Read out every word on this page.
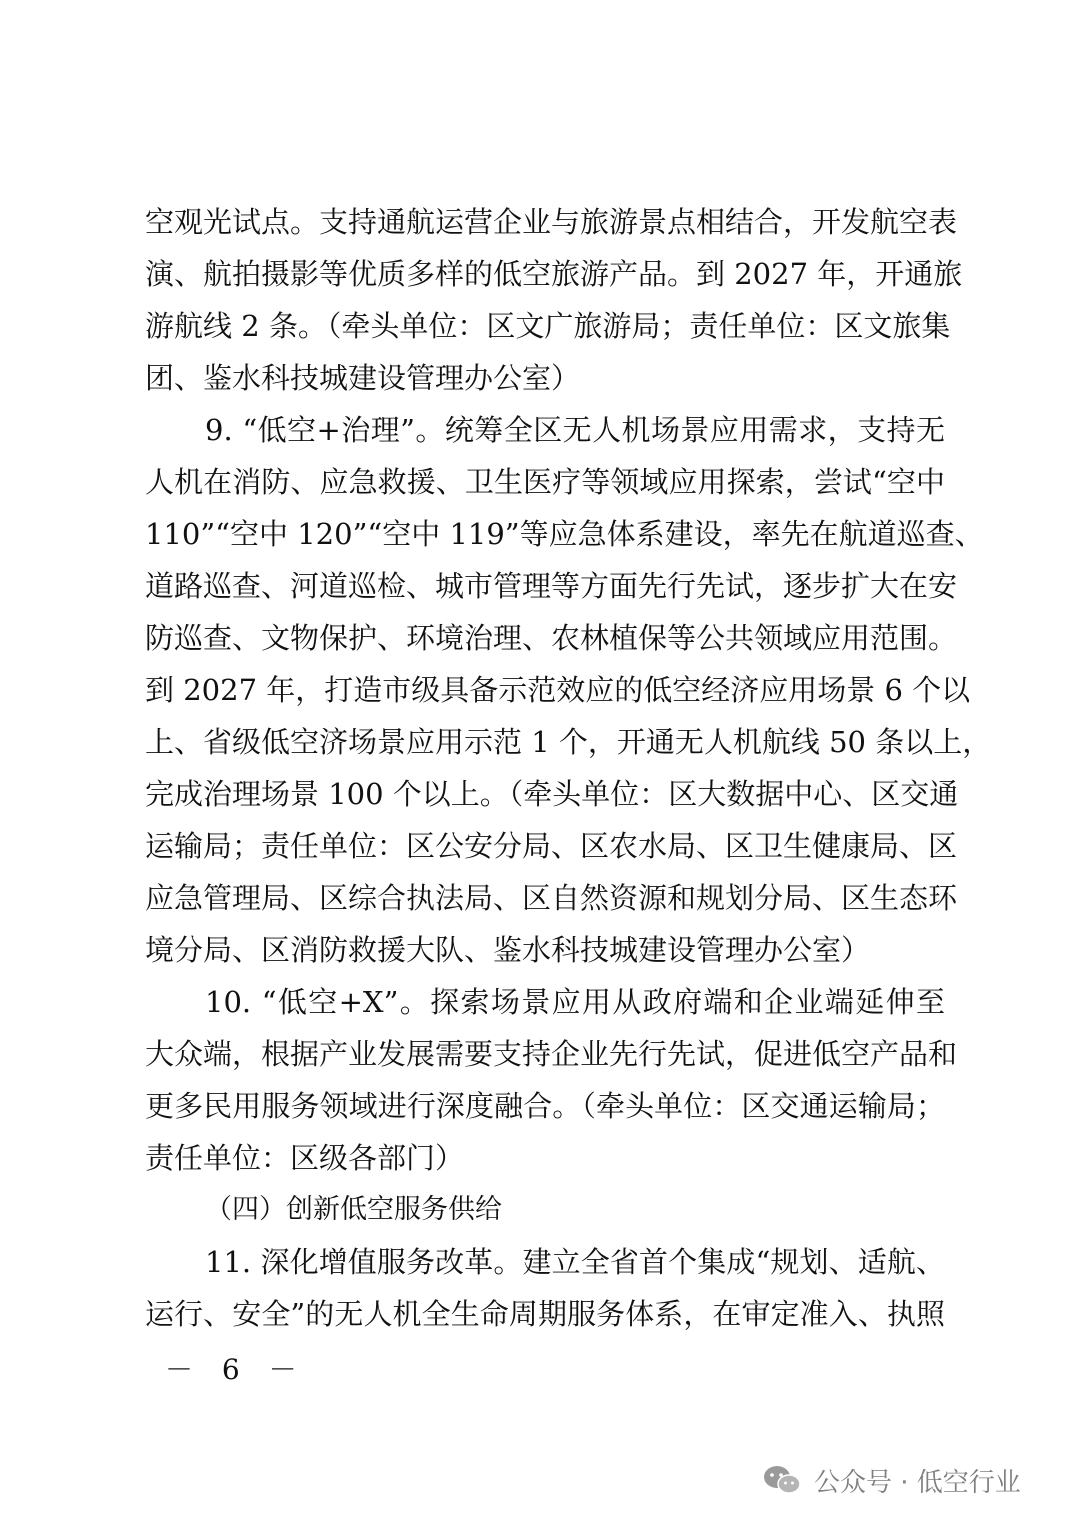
空观光试点。支持通航运营企业与旅游景点相结合，开发航空表
演、航拍摄影等优质多样的低空旅游产品。到 2027 年，开通旅
游航线 2 条。（牵头单位：区文广旅游局；责任单位：区文旅集
团、鉴水科技城建设管理办公室）
9. “低空+治理”。统筹全区无人机场景应用需求，支持无
人机在消防、应急救援、卫生医疗等领域应用探索，尝试“空中
110”“空中 120”“空中 119”等应急体系建设，率先在航道巡查、
道路巡查、河道巡检、城市管理等方面先行先试，逐步扩大在安
防巡查、文物保护、环境治理、农林植保等公共领域应用范围。
到 2027 年，打造市级具备示范效应的低空经济应用场景 6 个以
上、省级低空济场景应用示范 1 个，开通无人机航线 50 条以上，
完成治理场景 100 个以上。（牵头单位：区大数据中心、区交通
运输局；责任单位：区公安分局、区农水局、区卫生健康局、区
应急管理局、区综合执法局、区自然资源和规划分局、区生态环
境分局、区消防救援大队、鉴水科技城建设管理办公室）
10. “低空+X”。探索场景应用从政府端和企业端延伸至
大众端，根据产业发展需要支持企业先行先试，促进低空产品和
更多民用服务领域进行深度融合。（牵头单位：区交通运输局；
责任单位：区级各部门）
（四）创新低空服务供给
11. 深化增值服务改革。建立全省首个集成“规划、适航、
运行、安全”的无人机全生命周期服务体系，在审定准入、执照
－ 6 －
公众号 · 低空行业
